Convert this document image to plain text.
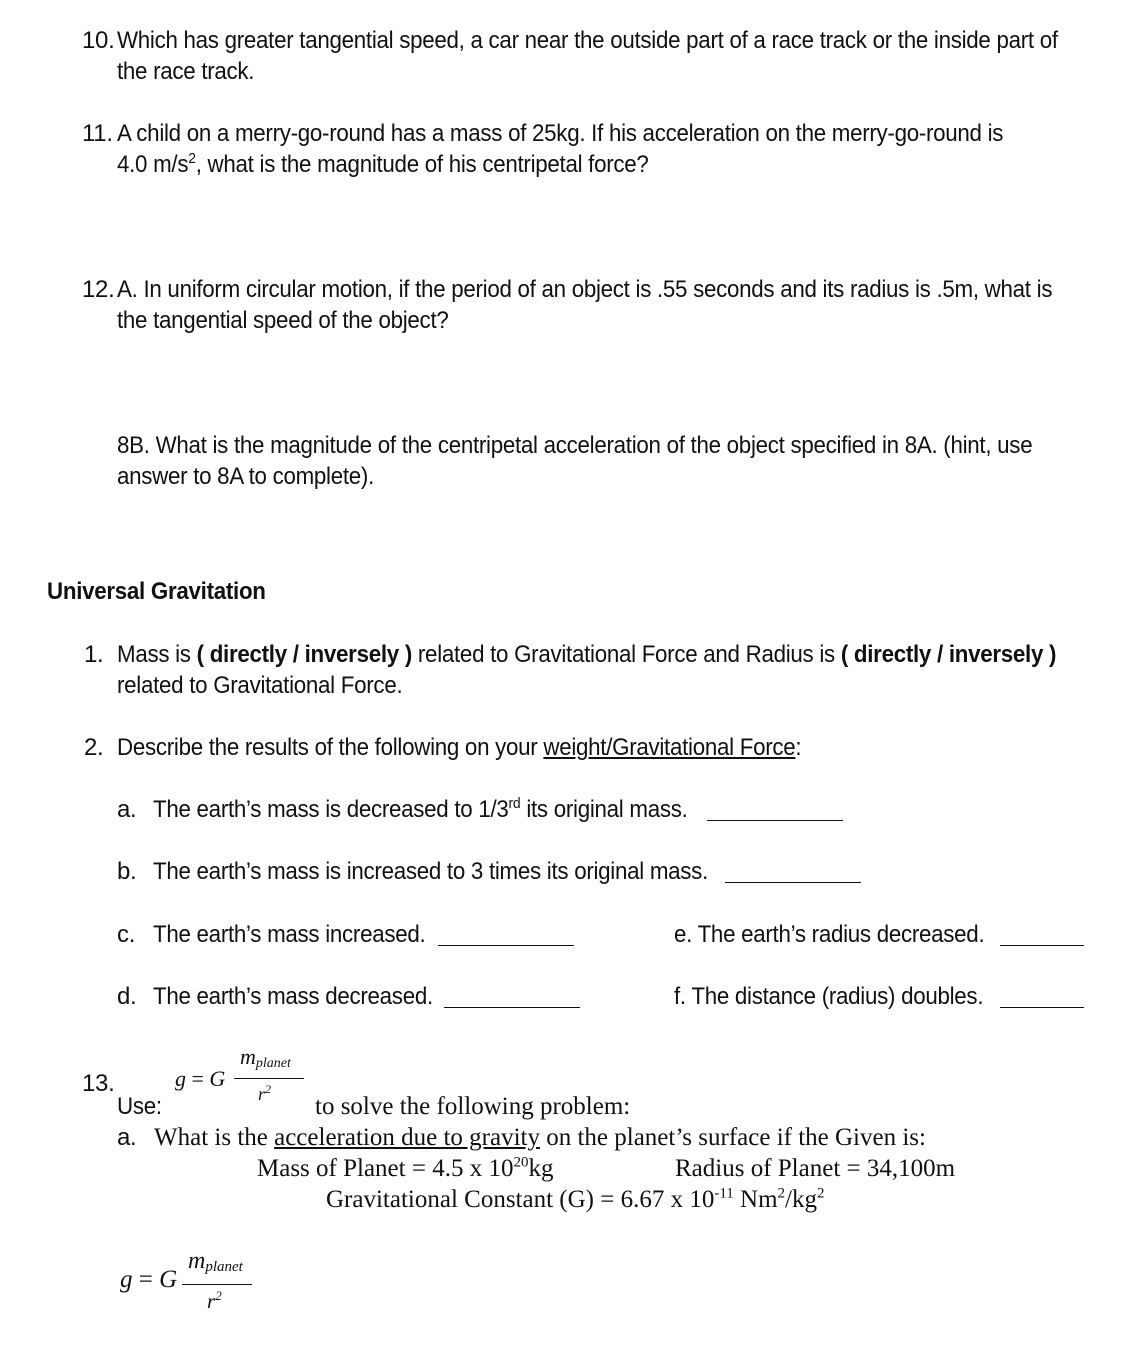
10. Which has greater tangential speed, a car near the outside part of a race track or the inside part of
the race track.
11. A child on a merry-go-round has a mass of 25kg. If his acceleration on the merry-go-round is
4.0 $m/s^2$, what is the magnitude of his centripetal force?
12. A. In uniform circular motion, if the period of an object is .55 seconds and its radius is .5m, what is
the tangential speed of the object?
8B. What is the magnitude of the centripetal acceleration of the object specified in 8A. (hint, use
answer to 8A to complete).
Universal Gravitation
1. Mass is ( directly / inversely ) related to Gravitational Force and Radius is ( directly / inversely )
related to Gravitational Force.
2. Describe the results of the following on your weight/Gravitational Force:
a. The earth’s mass is decreased to 1/3rd its original mass.
b. The earth’s mass is increased to 3 times its original mass.
c. The earth’s mass increased.	e. The earth’s radius decreased.
d. The earth’s mass decreased.	f. The distance (radius) doubles.
13.
Use:
g = G
mplanet
$r^2$
to solve the following problem:
a. What is the acceleration due to gravity on the planet’s surface if the Given is:
Mass of Planet = 4.5 x $10^{20}kg$	Radius of Planet = 34,100m
Gravitational Constant (G) = 6.67 x $10^{-11}$ $Nm^2/kg^2$
g = G
mplanet
$r^2$
